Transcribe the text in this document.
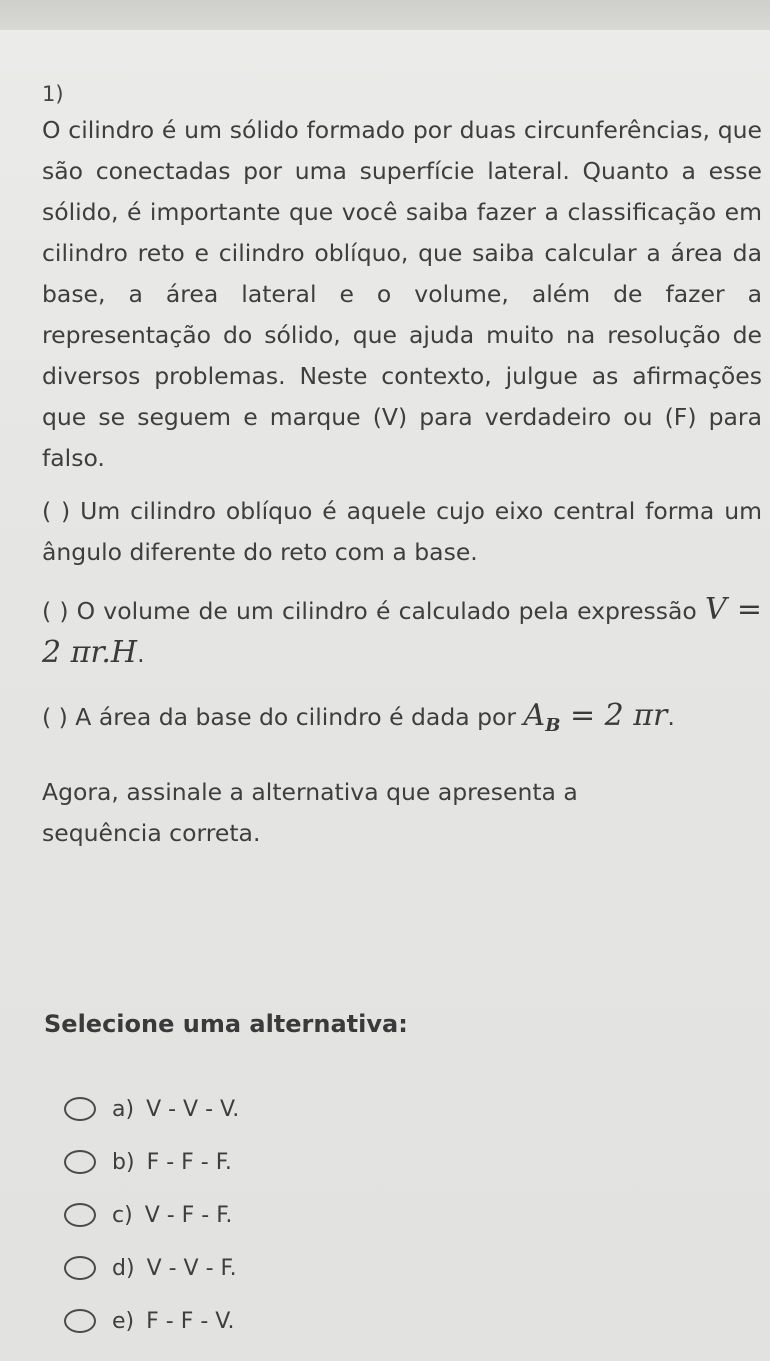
1)

O cilindro é um sólido formado por duas circunferências, que são conectadas por uma superfície lateral. Quanto a esse sólido, é importante que você saiba fazer a classificação em cilindro reto e cilindro oblíquo, que saiba calcular a área da base, a área lateral e o volume, além de fazer a representação do sólido, que ajuda muito na resolução de diversos problemas. Neste contexto, julgue as afirmações que se seguem e marque (V) para verdadeiro ou (F) para falso.

( ) Um cilindro oblíquo é aquele cujo eixo central forma um ângulo diferente do reto com a base.

( ) O volume de um cilindro é calculado pela expressão V = 2 πr.H.

( ) A área da base do cilindro é dada por $A_B = 2$ πr.

Agora, assinale a alternativa que apresenta a sequência correta.

Selecione uma alternativa:
a) V - V - V.
b) F - F - F.
c) V - F - F.
d) V - V - F.
e) F - F - V.
